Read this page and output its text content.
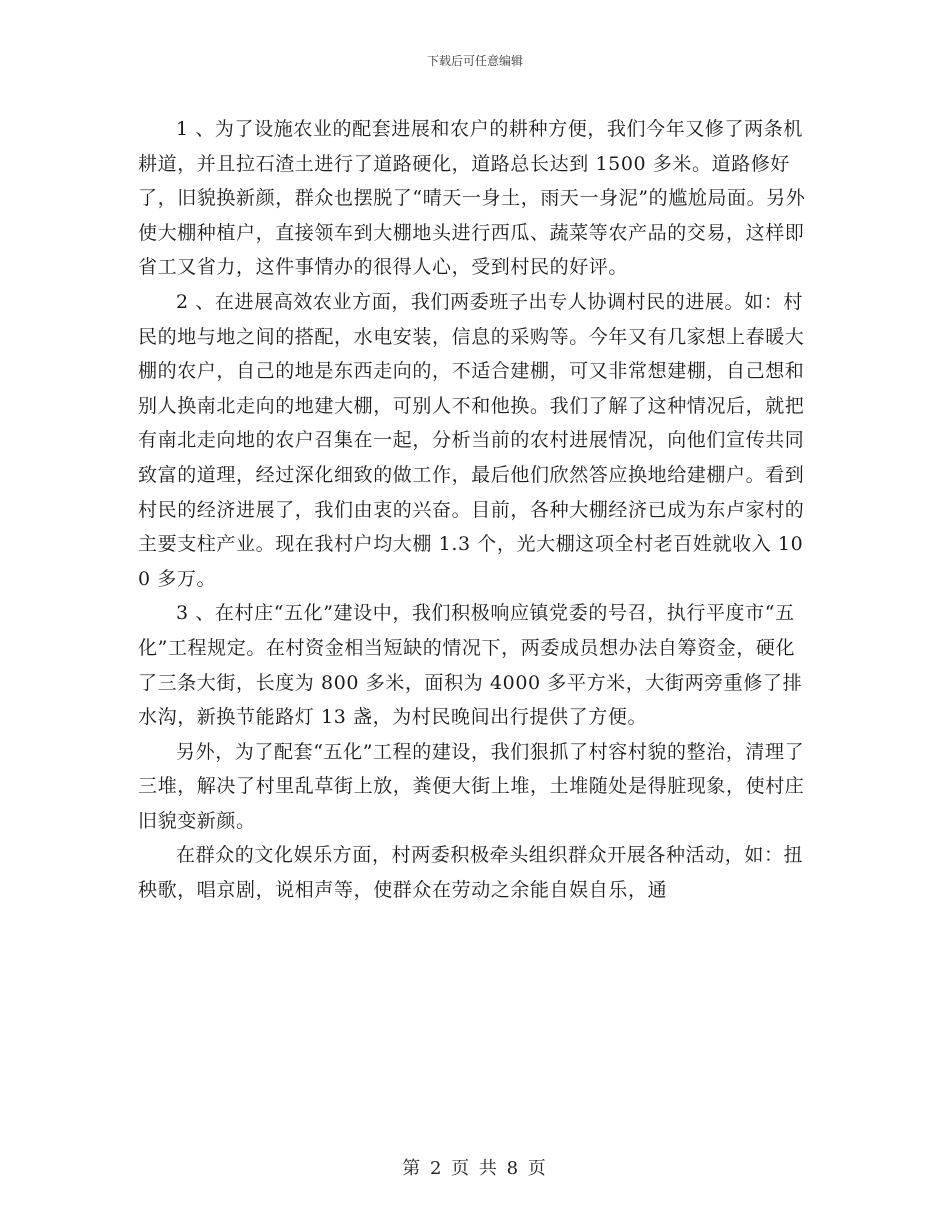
下载后可任意编辑

1 、为了设施农业的配套进展和农户的耕种方便，我们今年又修了两条机耕道，并且拉石渣土进行了道路硬化，道路总长达到 1500 多米。道路修好了，旧貌换新颜，群众也摆脱了“晴天一身土，雨天一身泥”的尴尬局面。另外使大棚种植户，直接领车到大棚地头进行西瓜、蔬菜等农产品的交易，这样即省工又省力，这件事情办的很得人心，受到村民的好评。

2 、在进展高效农业方面，我们两委班子出专人协调村民的进展。如：村民的地与地之间的搭配，水电安装，信息的采购等。今年又有几家想上春暖大棚的农户，自己的地是东西走向的，不适合建棚，可又非常想建棚，自己想和别人换南北走向的地建大棚，可别人不和他换。我们了解了这种情况后，就把有南北走向地的农户召集在一起，分析当前的农村进展情况，向他们宣传共同致富的道理，经过深化细致的做工作，最后他们欣然答应换地给建棚户。看到村民的经济进展了，我们由衷的兴奋。目前，各种大棚经济已成为东卢家村的主要支柱产业。现在我村户均大棚 1.3 个，光大棚这项全村老百姓就收入 100 多万。

3 、在村庄“五化”建设中，我们积极响应镇党委的号召，执行平度市“五化”工程规定。在村资金相当短缺的情况下，两委成员想办法自筹资金，硬化了三条大街，长度为 800 多米，面积为 4000 多平方米，大街两旁重修了排水沟，新换节能路灯 13 盏，为村民晚间出行提供了方便。

另外，为了配套“五化”工程的建设，我们狠抓了村容村貌的整治，清理了三堆，解决了村里乱草街上放，粪便大街上堆，土堆随处是得脏现象，使村庄旧貌变新颜。

在群众的文化娱乐方面，村两委积极牵头组织群众开展各种活动，如：扭秧歌，唱京剧，说相声等，使群众在劳动之余能自娱自乐，通

第 2 页 共 8 页
